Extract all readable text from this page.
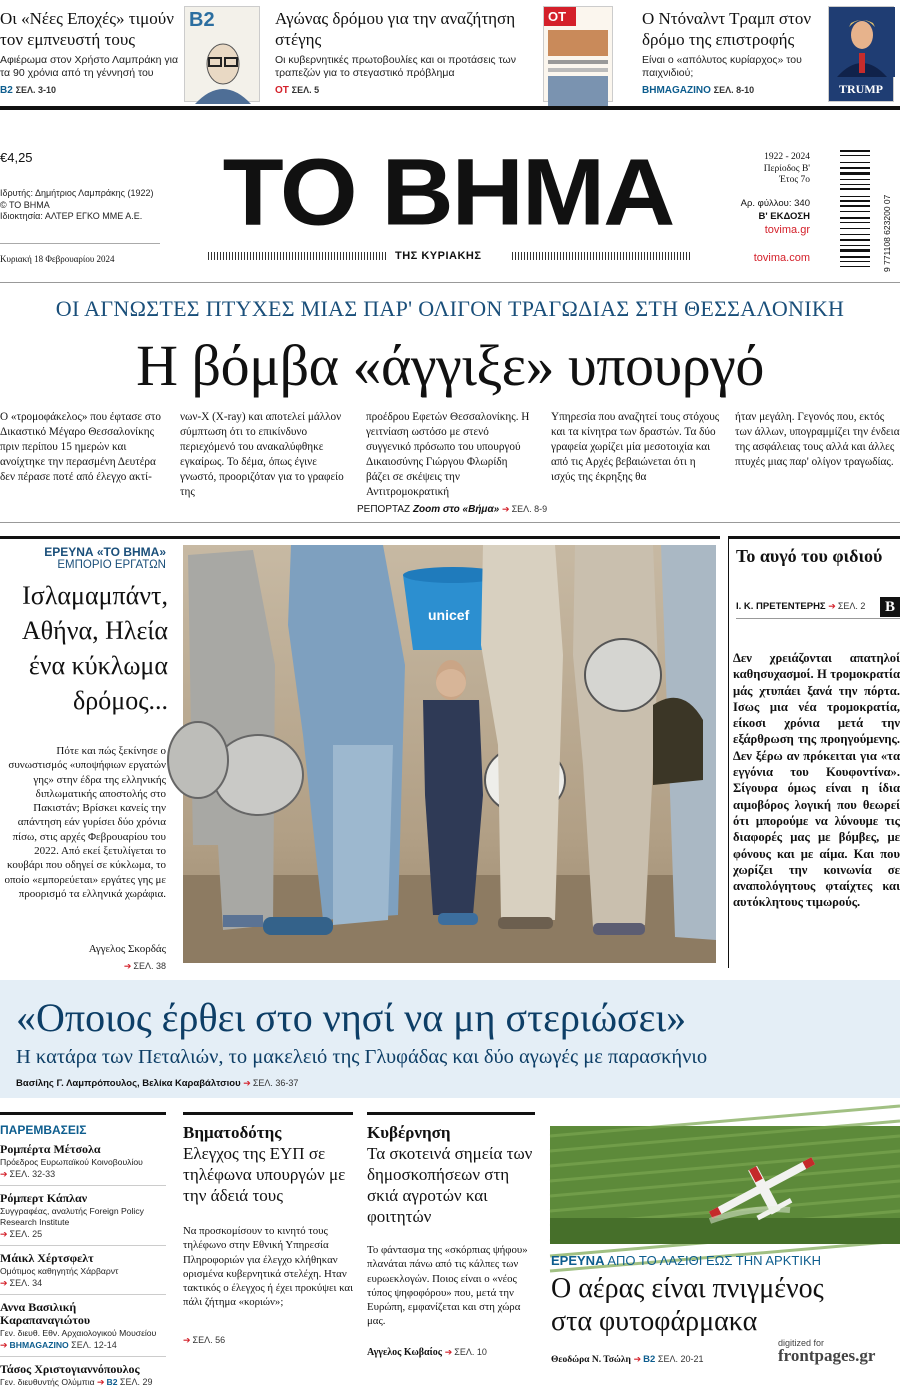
Οι «Νέες Εποχές» τιμούν τον εμπνευστή τους
Αφιέρωμα στον Χρήστο Λαμπράκη για τα 90 χρόνια από τη γέννησή του
Β2 ΣΕΛ. 3-10
B2	Αγώνας δρόμου για την αναζήτηση στέγης
Οι κυβερνητικές πρωτοβουλίες και οι προτάσεις των τραπεζών για το στεγαστικό πρόβλημα
ΟΤ ΣΕΛ. 5
ΟΤ	Ο Ντόναλντ Τραμπ στον δρόμο της επιστροφής
Είναι ο «απόλυτος κυρίαρχος» του παιχνιδιού;
ΒΗΜΑGAZINO ΣΕΛ. 8-10	TRUMP
€4,25
Ιδρυτής: Δημήτριος Λαμπράκης (1922)
© ΤΟ ΒΗΜΑ
Ιδιοκτησία: ΑΛΤΕΡ ΕΓΚΟ ΜΜΕ Α.Ε.
Κυριακή 18 Φεβρουαρίου 2024
ΤΟ ΒΗΜΑ
ΤΗΣ ΚΥΡΙΑΚΗΣ
1922 - 2024
Περίοδος Β'
Έτος 7ο
Αρ. φύλλου: 340
Β' ΕΚΔΟΣΗ
tovima.gr
tovima.com	9 771108 623200 07
ΟΙ ΑΓΝΩΣΤΕΣ ΠΤΥΧΕΣ ΜΙΑΣ ΠΑΡ' ΟΛΙΓΟΝ ΤΡΑΓΩΔΙΑΣ ΣΤΗ ΘΕΣΣΑΛΟΝΙΚΗ
Η βόμβα «άγγιξε» υπουργό
Ο «τρομοφάκελος» που έφτασε στο Δικαστικό Μέγαρο Θεσσαλονίκης πριν περίπου 15 ημερών και ανοίχτηκε την περασμένη Δευτέρα δεν πέρασε ποτέ από έλεγχο ακτί-
νων-Χ (X-ray) και αποτελεί μάλλον σύμπτωση ότι το επικίνδυνο περιεχόμενό του ανακαλύφθηκε εγκαίρως. Το δέμα, όπως έγινε γνωστό, προοριζόταν για το γραφείο της
προέδρου Εφετών Θεσσαλονίκης. Η γειτνίαση ωστόσο με στενό συγγενικό πρόσωπο του υπουργού Δικαιοσύνης Γιώργου Φλωρίδη βάζει σε σκέψεις την Αντιτρομοκρατική
Υπηρεσία που αναζητεί τους στόχους και τα κίνητρα των δραστών. Τα δύο γραφεία χωρίζει μία μεσοτοιχία και από τις Αρχές βεβαιώνεται ότι η ισχύς της έκρηξης θα
ήταν μεγάλη. Γεγονός που, εκτός των άλλων, υπογραμμίζει την ένδεια της ασφάλειας τους αλλά και άλλες πτυχές μιας παρ' ολίγον τραγωδίας.
ΡΕΠΟΡΤΑΖ Zoom στο «Βήμα» ➔ ΣΕΛ. 8-9
ΕΡΕΥΝΑ «ΤΟ ΒΗΜΑ»
ΕΜΠΟΡΙΟ ΕΡΓΑΤΩΝ
Ισλαμαμπάντ, Αθήνα, Ηλεία ένα κύκλωμα δρόμος...
Πότε και πώς ξεκίνησε ο συνωστισμός «υποψήφιων εργατών γης» στην έδρα της ελληνικής διπλωματικής αποστολής στο Πακιστάν; Βρίσκει κανείς την απάντηση εάν γυρίσει δύο χρόνια πίσω, στις αρχές Φεβρουαρίου του 2022. Από εκεί ξετυλίγεται το κουβάρι που οδηγεί σε κύκλωμα, το οποίο «εμπορεύεται» εργάτες γης με προορισμό τα ελληνικά χωράφια.
Αγγελος Σκορδάς
➔ ΣΕΛ. 38
unicef
REUTERS / Akhtar Soomro
Το αυγό του φιδιού
Ι. Κ. ΠΡΕΤΕΝΤΕΡΗΣ ➔ ΣΕΛ. 2	B
Δεν χρειάζονται απατηλοί καθησυχασμοί. Η τρομοκρατία μάς χτυπάει ξανά την πόρτα. Ισως μια νέα τρομοκρατία, είκοσι χρόνια μετά την εξάρθρωση της προηγούμενης. Δεν ξέρω αν πρόκειται για «τα εγγόνια του Κουφοντίνα». Σίγουρα όμως είναι η ίδια αιμοβόρος λογική που θεωρεί ότι μπορούμε να λύνουμε τις διαφορές μας με βόμβες, με φόνους και με αίμα. Και που χωρίζει την κοινωνία σε αναπολόγητους φταίχτες και αυτόκλητους τιμωρούς.
«Οποιος έρθει στο νησί να μη στεριώσει»
Η κατάρα των Πεταλιών, το μακελειό της Γλυφάδας και δύο αγωγές με παρασκήνιο
Βασίλης Γ. Λαμπρόπουλος, Βελίκα Καραβάλτσιου ➔ ΣΕΛ. 36-37
ΠΑΡΕΜΒΑΣΕΙΣ
Ρομπέρτα Μέτσολα
Πρόεδρος Ευρωπαϊκού Κοινοβουλίου
➔ ΣΕΛ. 32-33
Ρόμπερτ Κάπλαν
Συγγραφέας, αναλυτής Foreign Policy Research Institute
➔ ΣΕΛ. 25
Μάικλ Χέρτσφελτ
Ομότιμος καθηγητής Χάρβαρντ
➔ ΣΕΛ. 34
Αννα Βασιλική Καραπαναγιώτου
Γεν. διευθ. Εθν. Αρχαιολογικού Μουσείου
➔ ΒΗΜΑGAZINO ΣΕΛ. 12-14
Τάσος Χριστογιαννόπουλος
Γεν. διευθυντής Ολύμπια ➔ Β2 ΣΕΛ. 29
Βηματοδότης
Ελεγχος της ΕΥΠ σε τηλέφωνα υπουργών με την άδειά τους
Να προσκομίσουν το κινητό τους τηλέφωνο στην Εθνική Υπηρεσία Πληροφοριών για έλεγχο κλήθηκαν ορισμένα κυβερνητικά στελέχη. Ηταν τακτικός ο έλεγχος ή έχει προκύψει και πάλι ζήτημα «κοριών»;
➔ ΣΕΛ. 56
Κυβέρνηση
Τα σκοτεινά σημεία των δημοσκοπήσεων στη σκιά αγροτών και φοιτητών
Το φάντασμα της «σκόρπιας ψήφου» πλανάται πάνω από τις κάλπες των ευρωεκλογών. Ποιος είναι ο «νέος τύπος ψηφοφόρου» που, μετά την Ευρώπη, εμφανίζεται και στη χώρα μας.
Αγγελος Κωβαίος ➔ ΣΕΛ. 10
ΕΡΕΥΝΑ ΑΠΟ ΤΟ ΛΑΣΙΘΙ ΕΩΣ ΤΗΝ ΑΡΚΤΙΚΗ
Ο αέρας είναι πνιγμένος στα φυτοφάρμακα
Θεοδώρα Ν. Τσώλη ➔ Β2 ΣΕΛ. 20-21
digitized for
frontpages.gr
